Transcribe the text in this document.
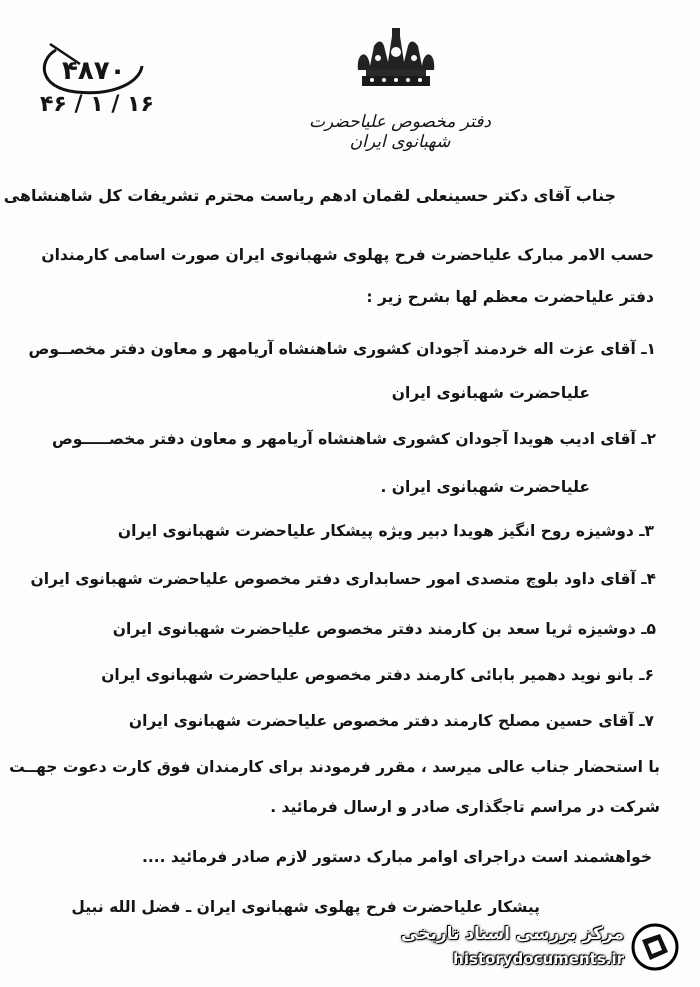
دفتر مخصوص علیاحضرت شهبانوی ایران
۴۸۷۰
۱۶ / ۱ / ۴۶
جناب آقای دکتر حسینعلی لقمان ادهم ریاست محترم تشریفات کل شاهنشاهی
حسب الامر مبارک علیاحضرت فرح پهلوی شهبانوی ایران صورت اسامی کارمندان
دفتر علیاحضرت معظم لها بشرح زیر :
۱ـ آقای عزت اله خردمند آجودان کشوری شاهنشاه آریامهر و معاون دفتر مخصــوص
علیاحضرت شهبانوی ایران
۲ـ آقای ادیب هویدا آجودان کشوری شاهنشاه آریامهر و معاون دفتر مخصـــــوص
علیاحضرت شهبانوی ایران .
۳ـ دوشیزه روح انگیز هویدا دبیر ویژه پیشکار علیاحضرت شهبانوی ایران
۴ـ آقای داود بلوچ متصدی امور حسابداری دفتر مخصوص علیاحضرت شهبانوی ایران
۵ـ دوشیزه ثریا سعد بن کارمند دفتر مخصوص علیاحضرت شهبانوی ایران
۶ـ بانو نوید دهمیر بابائی کارمند دفتر مخصوص علیاحضرت شهبانوی ایران
۷ـ آقای حسین مصلح کارمند دفتر مخصوص علیاحضرت شهبانوی ایران
با استحضار جناب عالی میرسد ، مقرر فرمودند برای کارمندان فوق کارت دعوت جهــت
شرکت در مراسم تاجگذاری صادر و ارسال فرمائید .
خواهشمند است دراجرای اوامر مبارک دستور لازم صادر فرمائید ....
پیشکار علیاحضرت فرح پهلوی شهبانوی ایران ـ فضل الله نبیل
مرکز بررسی اسناد تاریخی
historydocuments.ir
